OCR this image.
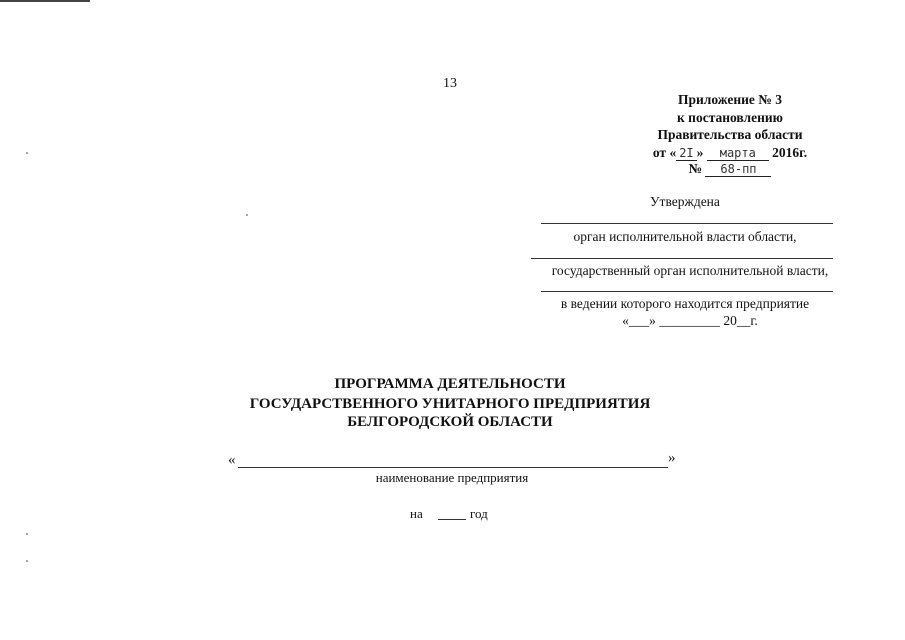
13
Приложение № 3
к постановлению
Правительства области
от « 2I » марта 2016г.
№ 68-пп
Утверждена
орган исполнительной власти области,
государственный орган исполнительной власти,
в ведении которого находится предприятие
«___» _________ 20__г.
ПРОГРАММА ДЕЯТЕЛЬНОСТИ
ГОСУДАРСТВЕННОГО УНИТАРНОГО ПРЕДПРИЯТИЯ
БЕЛГОРОДСКОЙ ОБЛАСТИ
«	»
наименование предприятия
на	год
